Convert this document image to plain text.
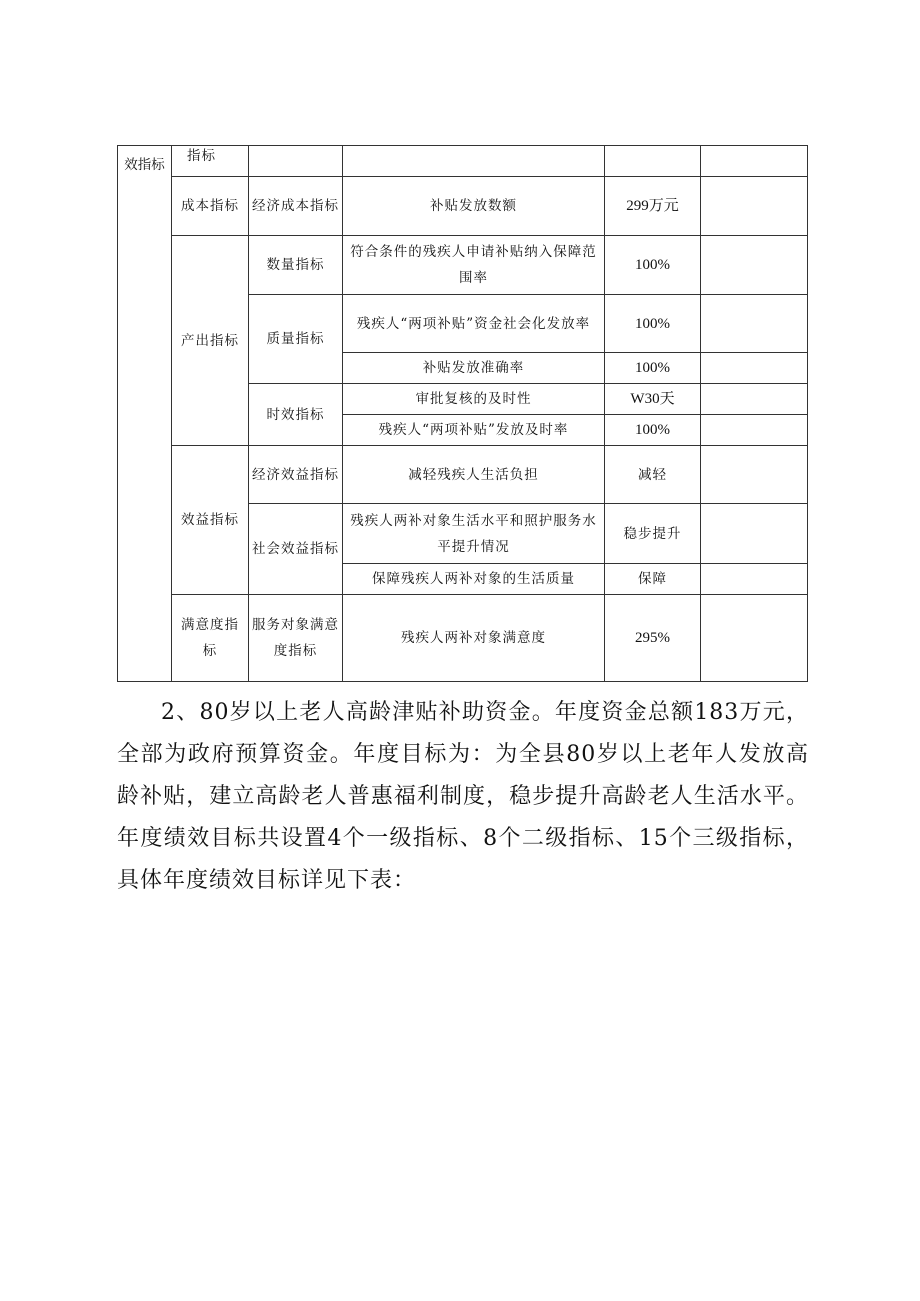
效指标	指标				
	成本指标	经济成本指标	补贴发放数额	299万元	
	产出指标	数量指标	符合条件的残疾人申请补贴纳入保障范围率	100%	
		质量指标	残疾人“两项补贴”资金社会化发放率	100%	
			补贴发放准确率	100%	
		时效指标	审批复核的及时性	W30天	
			残疾人“两项补贴”发放及时率	100%	
	效益指标	经济效益指标	减轻残疾人生活负担	减轻	
		社会效益指标	残疾人两补对象生活水平和照护服务水平提升情况	稳步提升	
			保障残疾人两补对象的生活质量	保障	
	满意度指标	服务对象满意度指标	残疾人两补对象满意度	295%	

2、80岁以上老人高龄津贴补助资金。年度资金总额183万元，全部为政府预算资金。年度目标为：为全县80岁以上老年人发放高龄补贴，建立高龄老人普惠福利制度，稳步提升高龄老人生活水平。年度绩效目标共设置4个一级指标、8个二级指标、15个三级指标，具体年度绩效目标详见下表：
